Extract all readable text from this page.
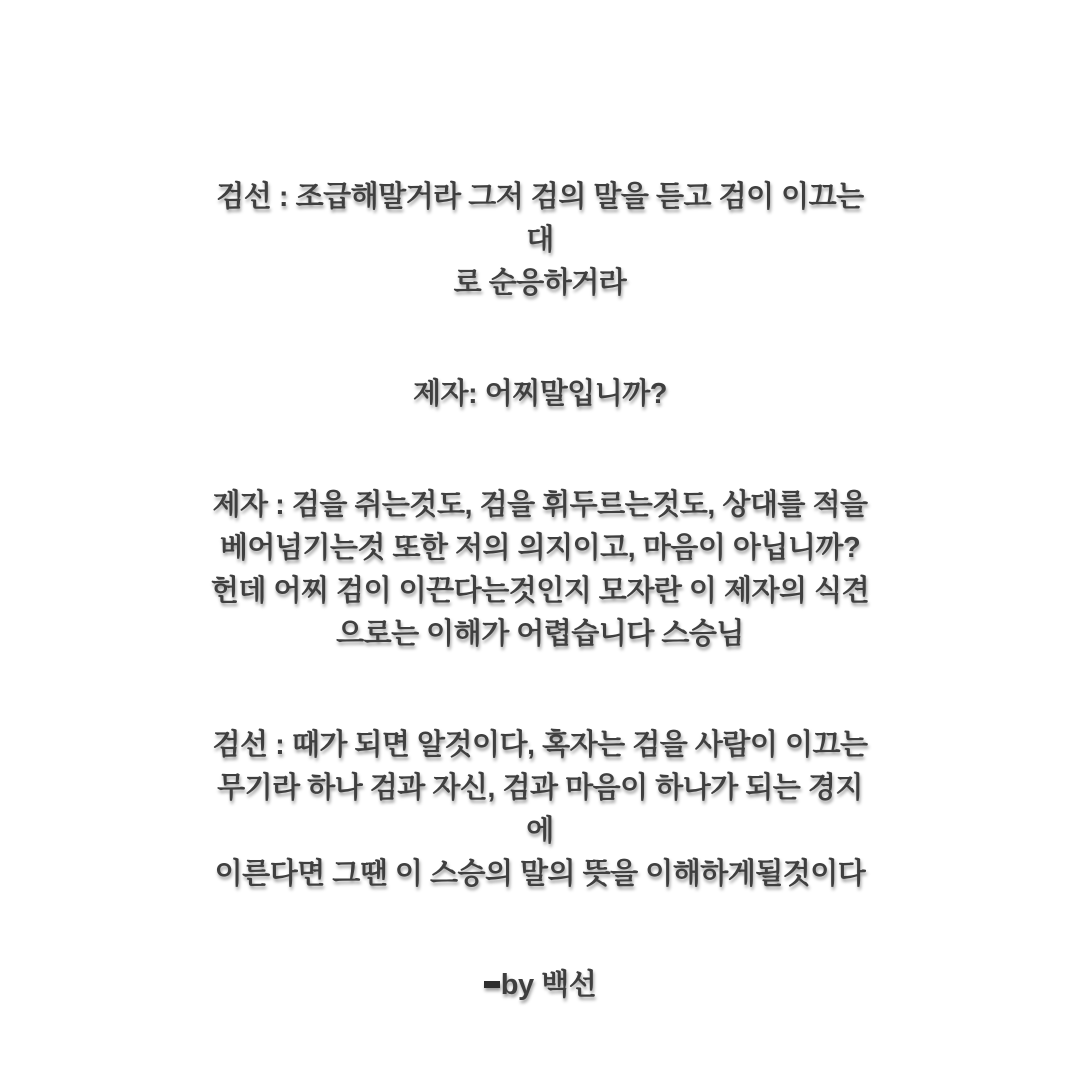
검선 : 조급해말거라 그저 검의 말을 듣고 검이 이끄는대
로 순응하거라

제자: 어찌말입니까?

제자 : 검을 쥐는것도, 검을 휘두르는것도, 상대를 적을
베어넘기는것 또한 저의 의지이고, 마음이 아닙니까?
헌데 어찌 검이 이끈다는것인지 모자란 이 제자의 식견
으로는 이해가 어렵습니다 스승님

검선 : 때가 되면 알것이다, 혹자는 검을 사람이 이끄는
무기라 하나 검과 자신, 검과 마음이 하나가 되는 경지에
이른다면 그땐 이 스승의 말의 뜻을 이해하게될것이다

by 백선
